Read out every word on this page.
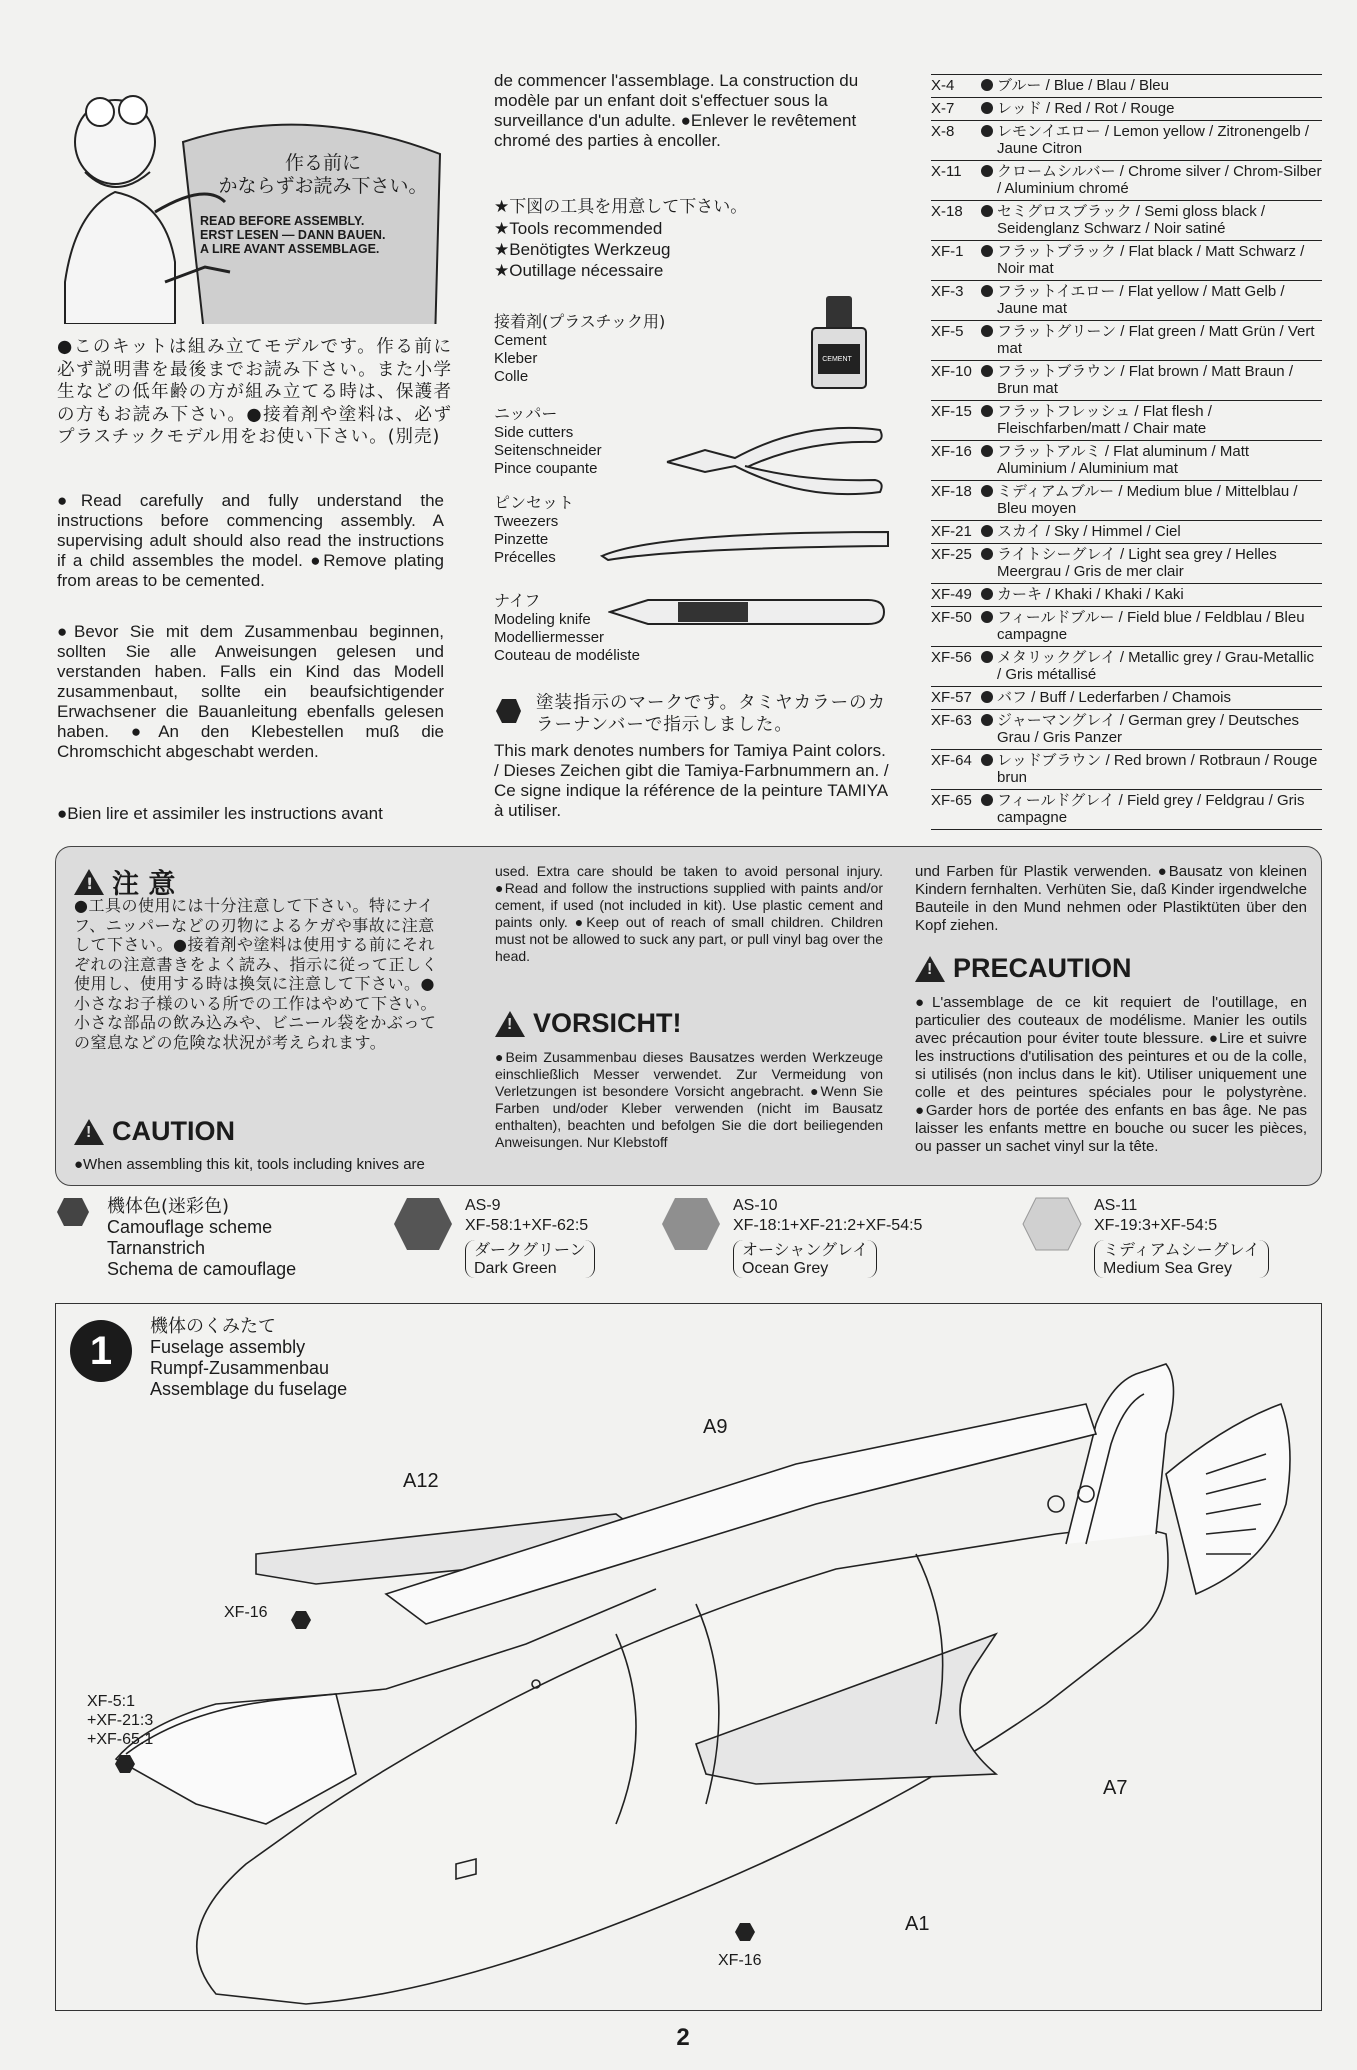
作る前に

かならずお読み下さい。

READ BEFORE ASSEMBLY.

ERST LESEN — DANN BAUEN.

A LIRE AVANT ASSEMBLAGE.

●このキットは組み立てモデルです。作る前に必ず説明書を最後までお読み下さい。また小学生などの低年齢の方が組み立てる時は、保護者の方もお読み下さい。●接着剤や塗料は、必ずプラスチックモデル用をお使い下さい。(別売)

●Read carefully and fully understand the instructions before commencing assembly. A supervising adult should also read the instructions if a child assembles the model. ●Remove plating from areas to be cemented.

●Bevor Sie mit dem Zusammenbau beginnen, sollten Sie alle Anweisungen gelesen und verstanden haben. Falls ein Kind das Modell zusammenbaut, sollte ein beaufsichtigender Erwachsener die Bauanleitung ebenfalls gelesen haben. ●An den Klebestellen muß die Chromschicht abgeschabt werden.

●Bien lire et assimiler les instructions avant

de commencer l'assemblage. La construction du modèle par un enfant doit s'effectuer sous la surveillance d'un adulte. ●Enlever le revêtement chromé des parties à encoller.

★下図の工具を用意して下さい。

★Tools recommended

★Benötigtes Werkzeug

★Outillage nécessaire

接着剤(プラスチック用)

Cement

Kleber

Colle

CEMENT

ニッパー

Side cutters

Seitenschneider

Pince coupante

ピンセット

Tweezers

Pinzette

Précelles

ナイフ

Modeling knife

Modelliermesser

Couteau de modéliste

塗装指示のマークです。タミヤカラーのカラーナンバーで指示しました。

This mark denotes numbers for Tamiya Paint colors. / Dieses Zeichen gibt die Tamiya-Farbnummern an. / Ce signe indique la référence de la peinture TAMIYA à utiliser.

X-4	ブルー / Blue / Blau / Bleu
X-7	レッド / Red / Rot / Rouge
X-8	レモンイエロー / Lemon yellow / Zitronengelb / Jaune Citron
X-11	クロームシルバー / Chrome silver / Chrom-Silber / Aluminium chromé
X-18	セミグロスブラック / Semi gloss black / Seidenglanz Schwarz / Noir satiné
XF-1	フラットブラック / Flat black / Matt Schwarz / Noir mat
XF-3	フラットイエロー / Flat yellow / Matt Gelb / Jaune mat
XF-5	フラットグリーン / Flat green / Matt Grün / Vert mat
XF-10	フラットブラウン / Flat brown / Matt Braun / Brun mat
XF-15	フラットフレッシュ / Flat flesh / Fleischfarben/matt / Chair mate
XF-16	フラットアルミ / Flat aluminum / Matt Aluminium / Aluminium mat
XF-18	ミディアムブルー / Medium blue / Mittelblau / Bleu moyen
XF-21	スカイ / Sky / Himmel / Ciel
XF-25	ライトシーグレイ / Light sea grey / Helles Meergrau / Gris de mer clair
XF-49	カーキ / Khaki / Khaki / Kaki
XF-50	フィールドブルー / Field blue / Feldblau / Bleu campagne
XF-56	メタリックグレイ / Metallic grey / Grau-Metallic / Gris métallisé
XF-57	バフ / Buff / Lederfarben / Chamois
XF-63	ジャーマングレイ / German grey / Deutsches Grau / Gris Panzer
XF-64	レッドブラウン / Red brown / Rotbraun / Rouge brun
XF-65	フィールドグレイ / Field grey / Feldgrau / Gris campagne
!
注 意

●工具の使用には十分注意して下さい。特にナイフ、ニッパーなどの刃物によるケガや事故に注意して下さい。●接着剤や塗料は使用する前にそれぞれの注意書きをよく読み、指示に従って正しく使用し、使用する時は換気に注意して下さい。●小さなお子様のいる所での工作はやめて下さい。小さな部品の飲み込みや、ビニール袋をかぶっての窒息などの危険な状況が考えられます。

!
CAUTION

●When assembling this kit, tools including knives are

used. Extra care should be taken to avoid personal injury. ●Read and follow the instructions supplied with paints and/or cement, if used (not included in kit). Use plastic cement and paints only. ●Keep out of reach of small children. Children must not be allowed to suck any part, or pull vinyl bag over the head.

!
VORSICHT!

●Beim Zusammenbau dieses Bausatzes werden Werkzeuge einschließlich Messer verwendet. Zur Vermeidung von Verletzungen ist besondere Vorsicht angebracht. ●Wenn Sie Farben und/oder Kleber verwenden (nicht im Bausatz enthalten), beachten und befolgen Sie die dort beiliegenden Anweisungen. Nur Klebstoff

und Farben für Plastik verwenden. ●Bausatz von kleinen Kindern fernhalten. Verhüten Sie, daß Kinder irgendwelche Bauteile in den Mund nehmen oder Plastiktüten über den Kopf ziehen.

!
PRECAUTION

●L'assemblage de ce kit requiert de l'outillage, en particulier des couteaux de modélisme. Manier les outils avec précaution pour éviter toute blessure. ●Lire et suivre les instructions d'utilisation des peintures et ou de la colle, si utilisés (non inclus dans le kit). Utiliser uniquement une colle et des peintures spéciales pour le polystyrène. ●Garder hors de portée des enfants en bas âge. Ne pas laisser les enfants mettre en bouche ou sucer les pièces, ou passer un sachet vinyl sur la tête.

機体色(迷彩色)

Camouflage scheme

Tarnanstrich

Schema de camouflage

AS-9

XF-58:1+XF-62:5

ダークグリーン

Dark Green

AS-10

XF-18:1+XF-21:2+XF-54:5

オーシャングレイ

Ocean Grey

AS-11

XF-19:3+XF-54:5

ミディアムシーグレイ

Medium Sea Grey

1

機体のくみたて

Fuselage assembly

Rumpf-Zusammenbau

Assemblage du fuselage

A9
A12
A7
A1
XF-16

XF-5:1

+XF-21:3

+XF-65:1

XF-16
2
